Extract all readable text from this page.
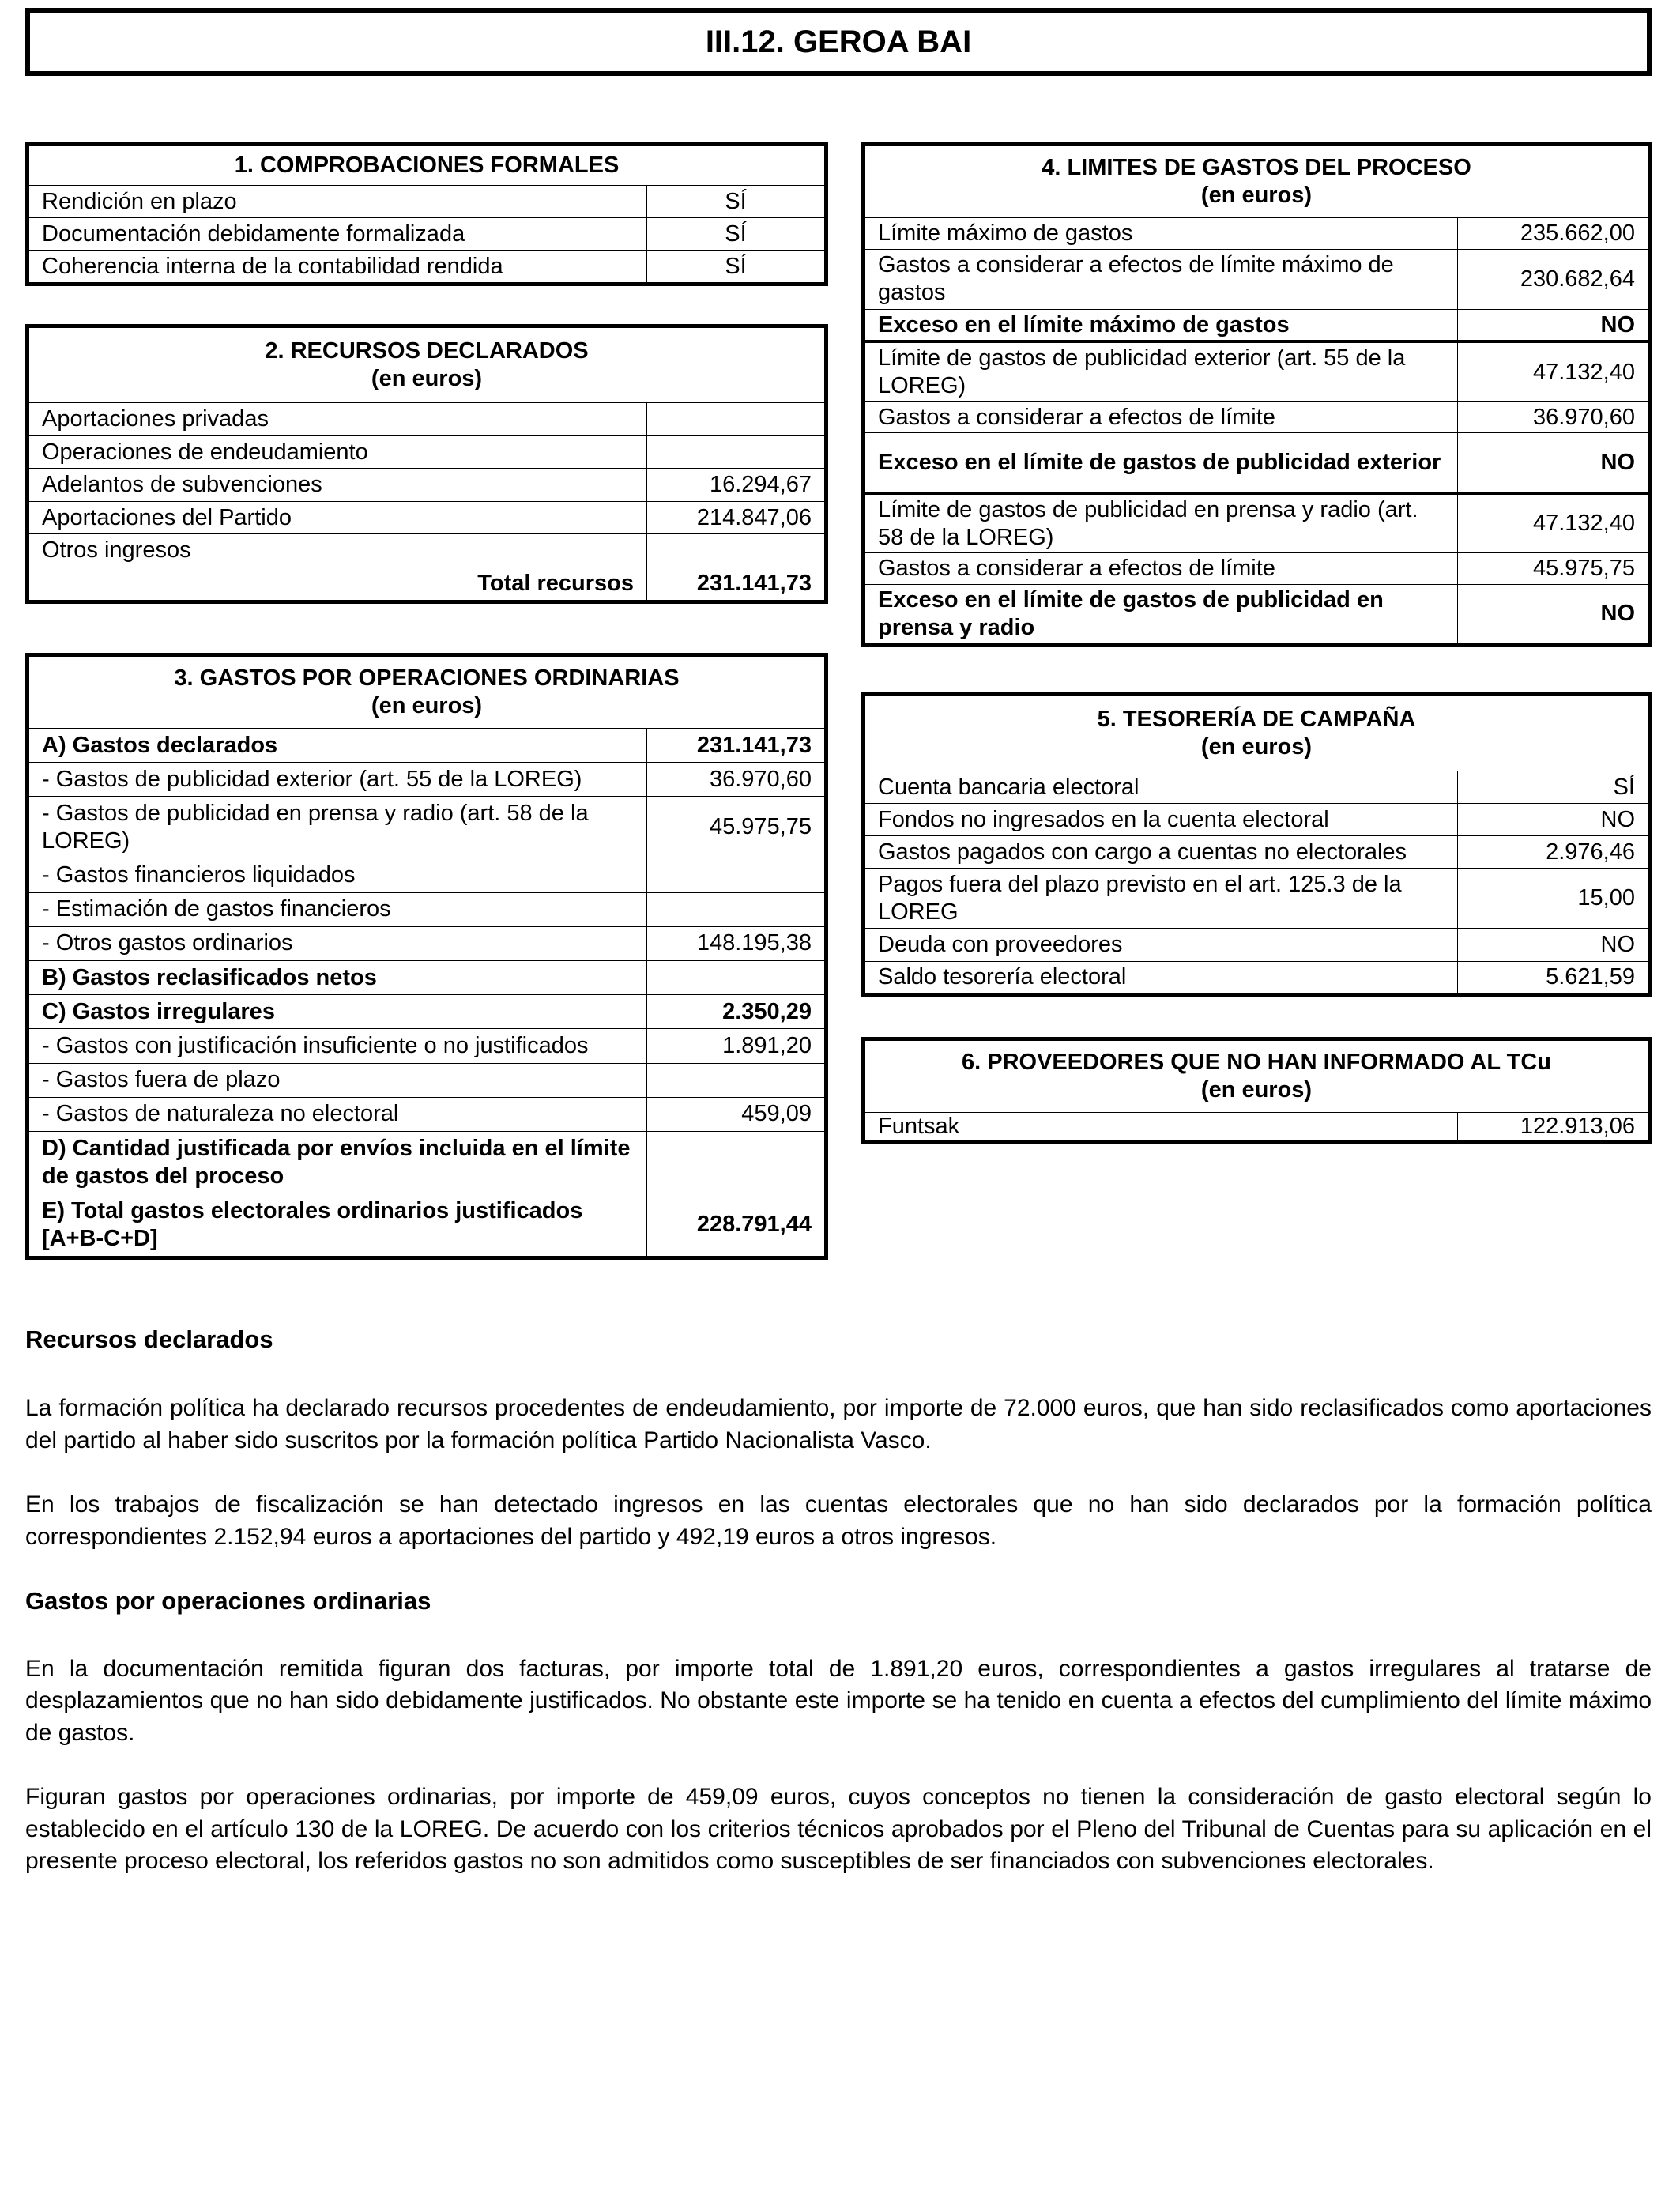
III.12. GEROA BAI
1. COMPROBACIONES FORMALES	
Rendición en plazo	SÍ
Documentación debidamente formalizada	SÍ
Coherencia interna de la contabilidad rendida	SÍ
2. RECURSOS DECLARADOS
(en euros)	

Aportaciones privadas	
Operaciones de endeudamiento	
Adelantos de subvenciones	16.294,67
Aportaciones del Partido	214.847,06
Otros ingresos	
Total recursos	231.141,73
3. GASTOS POR OPERACIONES ORDINARIAS
(en euros)	

A) Gastos declarados	231.141,73
- Gastos de publicidad exterior (art. 55 de la LOREG)	36.970,60
- Gastos de publicidad en prensa y radio (art. 58 de la LOREG)	45.975,75
- Gastos financieros liquidados	
- Estimación de gastos financieros	
- Otros gastos ordinarios	148.195,38
B) Gastos reclasificados netos	
C) Gastos irregulares	2.350,29
- Gastos con justificación insuficiente o no justificados	1.891,20
- Gastos fuera de plazo	
- Gastos de naturaleza no electoral	459,09
D) Cantidad justificada por envíos incluida en el límite de gastos del proceso	
E) Total gastos electorales ordinarios justificados [A+B-C+D]	228.791,44
4. LIMITES DE GASTOS DEL PROCESO
(en euros)	

Límite máximo de gastos	235.662,00
Gastos a considerar a efectos de límite máximo de gastos	230.682,64
Exceso en el límite máximo de gastos	NO
Límite de gastos de publicidad exterior (art. 55 de la LOREG)	47.132,40
Gastos a considerar a efectos de límite	36.970,60
Exceso en el límite de gastos de publicidad exterior	NO
Límite de gastos de publicidad en prensa y radio (art. 58 de la LOREG)	47.132,40
Gastos a considerar a efectos de límite	45.975,75
Exceso en el límite de gastos de publicidad en prensa y radio	NO
5. TESORERÍA DE CAMPAÑA
(en euros)	

Cuenta bancaria electoral	SÍ
Fondos no ingresados en la cuenta electoral	NO
Gastos pagados con cargo a cuentas no electorales	2.976,46
Pagos fuera del plazo previsto en el art. 125.3 de la LOREG	15,00
Deuda con proveedores	NO
Saldo tesorería electoral	5.621,59
6. PROVEEDORES QUE NO HAN INFORMADO AL TCu
(en euros)

Funtsak	122.913,06
Recursos declarados

La formación política ha declarado recursos procedentes de endeudamiento, por importe de 72.000 euros, que han sido reclasificados como aportaciones del partido al haber sido suscritos por la formación política Partido Nacionalista Vasco.

En los trabajos de fiscalización se han detectado ingresos en las cuentas electorales que no han sido declarados por la formación política correspondientes 2.152,94 euros a aportaciones del partido y 492,19 euros a otros ingresos.

Gastos por operaciones ordinarias

En la documentación remitida figuran dos facturas, por importe total de 1.891,20 euros, correspondientes a gastos irregulares al tratarse de desplazamientos que no han sido debidamente justificados. No obstante este importe se ha tenido en cuenta a efectos del cumplimiento del límite máximo de gastos.

Figuran gastos por operaciones ordinarias, por importe de 459,09 euros, cuyos conceptos no tienen la consideración de gasto electoral según lo establecido en el artículo 130 de la LOREG. De acuerdo con los criterios técnicos aprobados por el Pleno del Tribunal de Cuentas para su aplicación en el presente proceso electoral, los referidos gastos no son admitidos como susceptibles de ser financiados con subvenciones electorales.
